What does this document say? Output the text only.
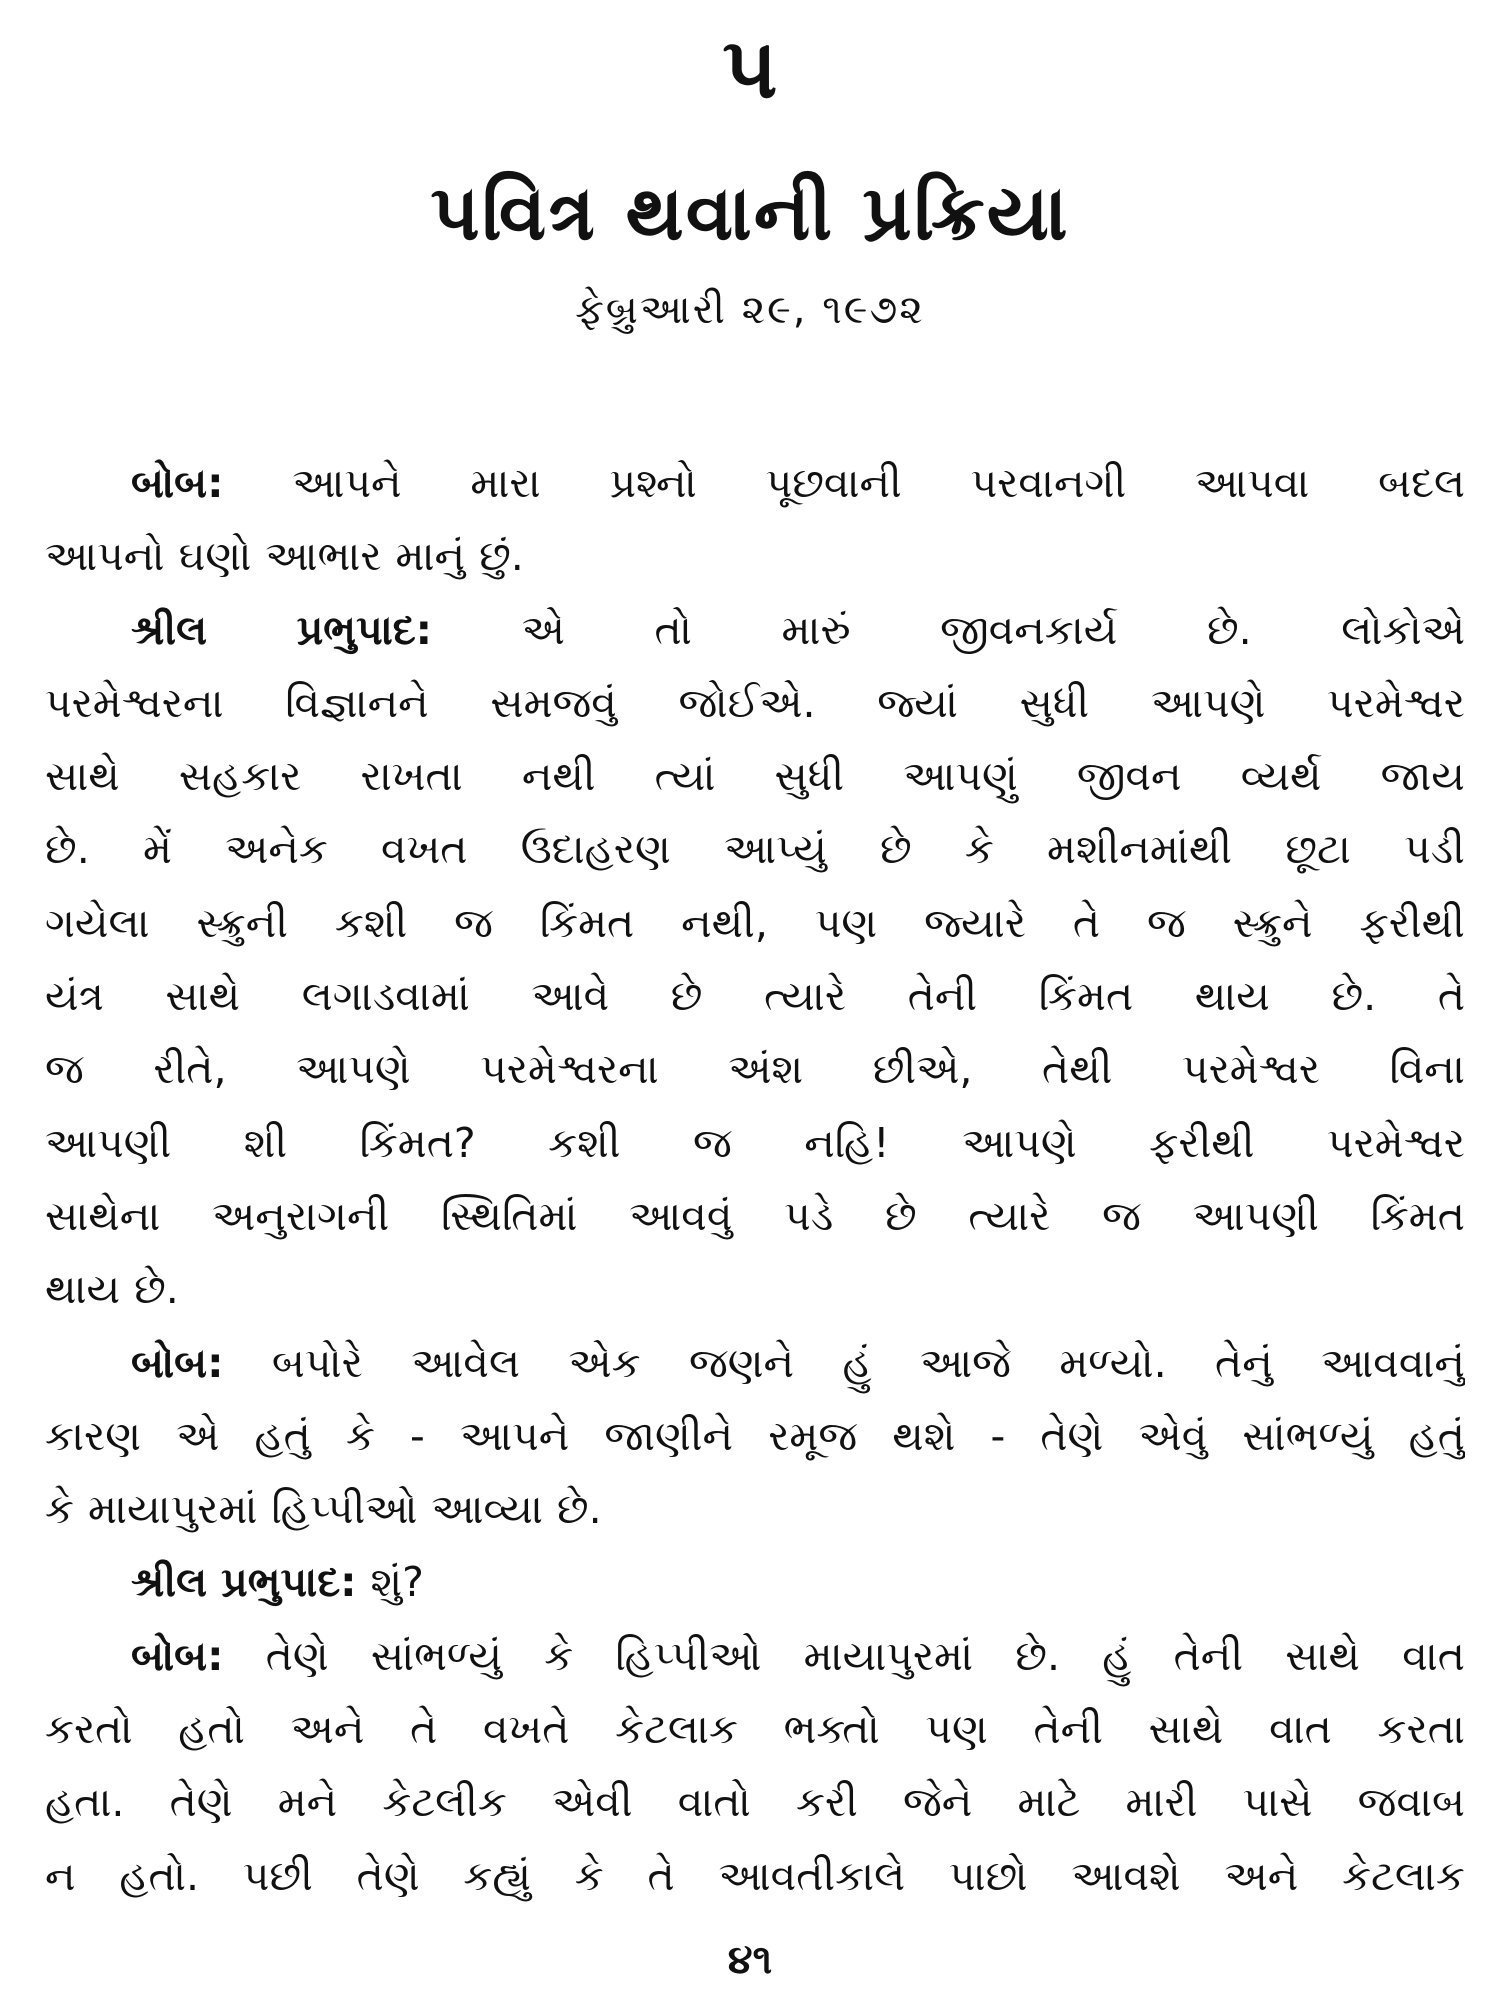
૫
પવિત્ર થવાની પ્રક્રિયા
ફેબ્રુઆરી ૨૯, ૧૯૭૨
બોબ: આપને મારા પ્રશ્નો પૂછવાની પરવાનગી આપવા બદલ
આપનો ઘણો આભાર માનું છું.
શ્રીલ પ્રભુપાદ: એ તો મારું જીવનકાર્ય છે. લોકોએ
પરમેશ્વરના વિજ્ઞાનને સમજવું જોઈએ. જ્યાં સુધી આપણે પરમેશ્વર
સાથે સહકાર રાખતા નથી ત્યાં સુધી આપણું જીવન વ્યર્થ જાય
છે. મેં અનેક વખત ઉદાહરણ આપ્યું છે કે મશીનમાંથી છૂટા પડી
ગયેલા સ્ક્રુની કશી જ કિંમત નથી, પણ જ્યારે તે જ સ્ક્રુને ફરીથી
યંત્ર સાથે લગાડવામાં આવે છે ત્યારે તેની કિંમત થાય છે. તે
જ રીતે, આપણે પરમેશ્વરના અંશ છીએ, તેથી પરમેશ્વર વિના
આપણી શી કિંમત? કશી જ નહિ! આપણે ફરીથી પરમેશ્વર
સાથેના અનુરાગની સ્થિતિમાં આવવું પડે છે ત્યારે જ આપણી કિંમત
થાય છે.
બોબ: બપોરે આવેલ એક જણને હું આજે મળ્યો. તેનું આવવાનું
કારણ એ હતું કે - આપને જાણીને રમૂજ થશે - તેણે એવું સાંભળ્યું હતું
કે માયાપુરમાં હિપ્પીઓ આવ્યા છે.
શ્રીલ પ્રભુપાદ: શું?
બોબ: તેણે સાંભળ્યું કે હિપ્પીઓ માયાપુરમાં છે. હું તેની સાથે વાત
કરતો હતો અને તે વખતે કેટલાક ભક્તો પણ તેની સાથે વાત કરતા
હતા. તેણે મને કેટલીક એવી વાતો કરી જેને માટે મારી પાસે જવાબ
ન હતો. પછી તેણે કહ્યું કે તે આવતીકાલે પાછો આવશે અને કેટલાક
૪૧
